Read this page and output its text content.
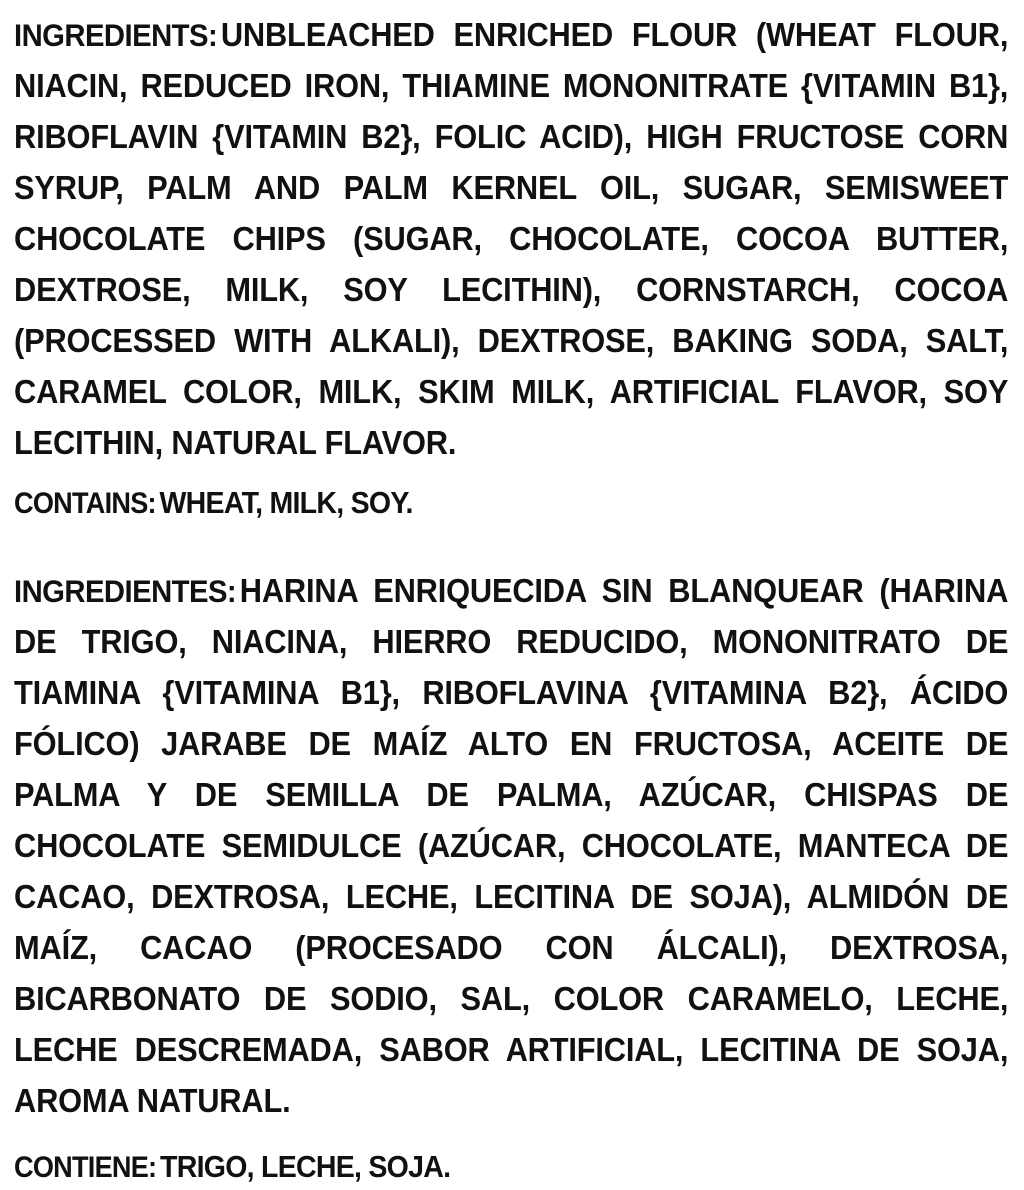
INGREDIENTS: UNBLEACHED ENRICHED FLOUR (WHEAT FLOUR, NIACIN, REDUCED IRON, THIAMINE MONONITRATE {VITAMIN B1}, RIBOFLAVIN {VITAMIN B2}, FOLIC ACID), HIGH FRUCTOSE CORN SYRUP, PALM AND PALM KERNEL OIL, SUGAR, SEMISWEET CHOCOLATE CHIPS (SUGAR, CHOCOLATE, COCOA BUTTER, DEXTROSE, MILK, SOY LECITHIN), CORNSTARCH, COCOA (PROCESSED WITH ALKALI), DEXTROSE, BAKING SODA, SALT, CARAMEL COLOR, MILK, SKIM MILK, ARTIFICIAL FLAVOR, SOY LECITHIN, NATURAL FLAVOR.

CONTAINS: WHEAT, MILK, SOY.

INGREDIENTES: HARINA ENRIQUECIDA SIN BLANQUEAR (HARINA DE TRIGO, NIACINA, HIERRO REDUCIDO, MONONITRATO DE TIAMINA {VITAMINA B1}, RIBOFLAVINA {VITAMINA B2}, ÁCIDO FÓLICO) JARABE DE MAÍZ ALTO EN FRUCTOSA, ACEITE DE PALMA Y DE SEMILLA DE PALMA, AZÚCAR, CHISPAS DE CHOCOLATE SEMIDULCE (AZÚCAR, CHOCOLATE, MANTECA DE CACAO, DEXTROSA, LECHE, LECITINA DE SOJA), ALMIDÓN DE MAÍZ, CACAO (PROCESADO CON ÁLCALI), DEXTROSA, BICARBONATO DE SODIO, SAL, COLOR CARAMELO, LECHE, LECHE DESCREMADA, SABOR ARTIFICIAL, LECITINA DE SOJA, AROMA NATURAL.

CONTIENE: TRIGO, LECHE, SOJA.
